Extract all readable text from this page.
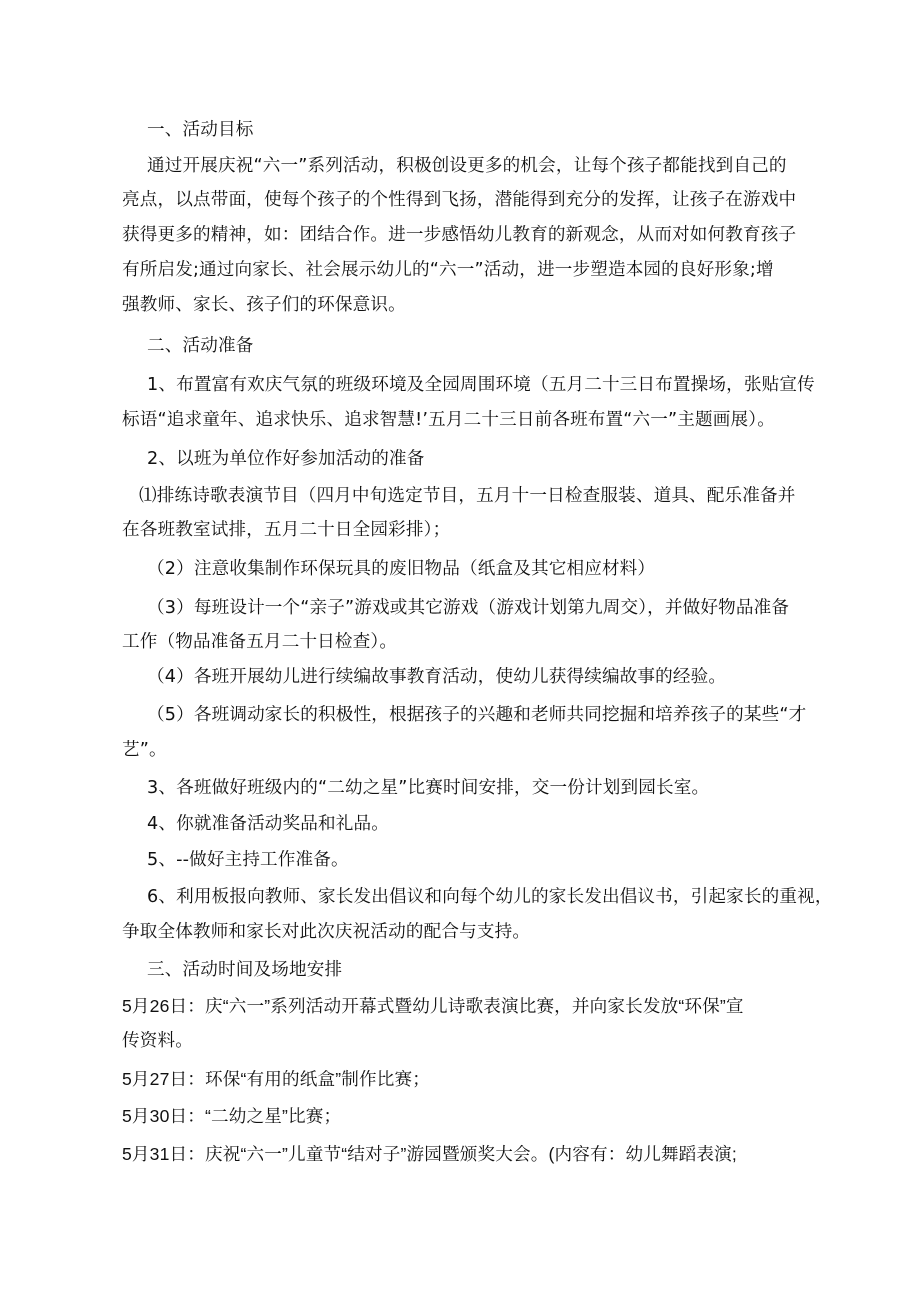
一、活动目标
通过开展庆祝“六一”系列活动，积极创设更多的机会，让每个孩子都能找到自己的
亮点，以点带面，使每个孩子的个性得到飞扬，潜能得到充分的发挥，让孩子在游戏中
获得更多的精神，如：团结合作。进一步感悟幼儿教育的新观念，从而对如何教育孩子
有所启发;通过向家长、社会展示幼儿的“六一”活动，进一步塑造本园的良好形象;增
强教师、家长、孩子们的环保意识。
二、活动准备
1、布置富有欢庆气氛的班级环境及全园周围环境（五月二十三日布置操场，张贴宣传
标语“追求童年、追求快乐、追求智慧!’五月二十三日前各班布置“六一”主题画展）。
2、以班为单位作好参加活动的准备
⑴排练诗歌表演节目（四月中旬选定节目，五月十一日检查服装、道具、配乐准备并
在各班教室试排，五月二十日全园彩排）；
（2）注意收集制作环保玩具的废旧物品（纸盒及其它相应材料）
（3）每班设计一个“亲子”游戏或其它游戏（游戏计划第九周交），并做好物品准备
工作（物品准备五月二十日检查）。
（4）各班开展幼儿进行续编故事教育活动，使幼儿获得续编故事的经验。
（5）各班调动家长的积极性，根据孩子的兴趣和老师共同挖掘和培养孩子的某些“才
艺”。
3、各班做好班级内的“二幼之星”比赛时间安排，交一份计划到园长室。
4、你就准备活动奖品和礼品。
5、--做好主持工作准备。
6、利用板报向教师、家长发出倡议和向每个幼儿的家长发出倡议书，引起家长的重视，
争取全体教师和家长对此次庆祝活动的配合与支持。
三、活动时间及场地安排
5月26日：庆“六一”系列活动开幕式暨幼儿诗歌表演比赛，并向家长发放“环保”宣
传资料。
5月27日：环保“有用的纸盒”制作比赛；
5月30日：“二幼之星”比赛；
5月31日：庆祝“六一”儿童节“结对子”游园暨颁奖大会。(内容有：幼儿舞蹈表演;
